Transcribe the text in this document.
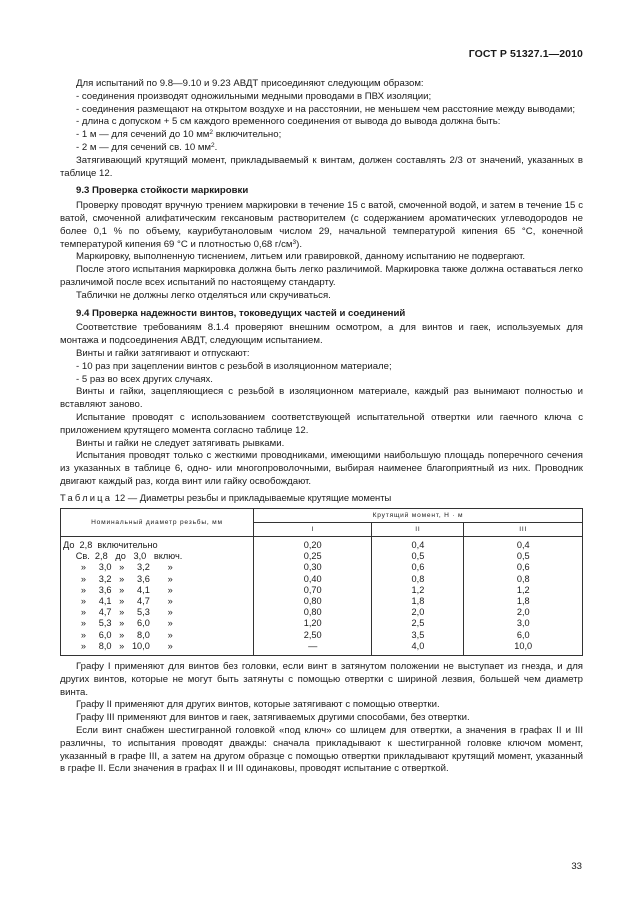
ГОСТ Р 51327.1—2010

Для испытаний по 9.8—9.10 и 9.23 АВДТ присоединяют следующим образом:

- соединения производят одножильными медными проводами в ПВХ изоляции;

- соединения размещают на открытом воздухе и на расстоянии, не меньшем чем расстояние между выводами;

- длина с допуском + 5 см каждого временного соединения от вывода до вывода должна быть:

- 1 м — для сечений до 10 $мм^2$ включительно;

- 2 м — для сечений св. 10 $мм^2$.

Затягивающий крутящий момент, прикладываемый к винтам, должен составлять 2/3 от значений, указанных в таблице 12.

9.3 Проверка стойкости маркировки

Проверку проводят вручную трением маркировки в течение 15 с ватой, смоченной водой, и затем в течение 15 с ватой, смоченной алифатическим гексановым растворителем (с содержанием ароматических углеводородов не более 0,1 % по объему, каурибутаноловым числом 29, начальной температурой кипения 65 °С, конечной температурой кипения 69 °С и плотностью 0,68 $г/см^3$).

Маркировку, выполненную тиснением, литьем или гравировкой, данному испытанию не подвергают.

После этого испытания маркировка должна быть легко различимой. Маркировка также должна оставаться легко различимой после всех испытаний по настоящему стандарту.

Таблички не должны легко отделяться или скручиваться.

9.4 Проверка надежности винтов, токоведущих частей и соединений

Соответствие требованиям 8.1.4 проверяют внешним осмотром, а для винтов и гаек, используемых для монтажа и подсоединения АВДТ, следующим испытанием.

Винты и гайки затягивают и отпускают:

- 10 раз при зацеплении винтов с резьбой в изоляционном материале;

- 5 раз во всех других случаях.

Винты и гайки, зацепляющиеся с резьбой в изоляционном материале, каждый раз вынимают полностью и вставляют заново.

Испытание проводят с использованием соответствующей испытательной отвертки или гаечного ключа с приложением крутящего момента согласно таблице 12.

Винты и гайки не следует затягивать рывками.

Испытания проводят только с жесткими проводниками, имеющими наибольшую площадь поперечного сечения из указанных в таблице 6, одно- или многопроволочными, выбирая наименее благоприятный из них. Проводник двигают каждый раз, когда винт или гайку освобождают.

Таблица 12 — Диаметры резьбы и прикладываемые крутящие моменты

Номинальный диаметр резьбы, мм	Крутящий момент, Н · м		
	I	II	III
До  2,8  включительно	0,20	0,4	0,4
Св.  2,8   до   3,0   включ.	0,25	0,5	0,5
»     3,0   »     3,2       »	0,30	0,6	0,6
»     3,2   »     3,6       »	0,40	0,8	0,8
»     3,6   »     4,1       »	0,70	1,2	1,2
»     4,1   »     4,7       »	0,80	1,8	1,8
»     4,7   »     5,3       »	0,80	2,0	2,0
»     5,3   »     6,0       »	1,20	2,5	3,0
»     6,0   »     8,0       »	2,50	3,5	6,0
»     8,0   »   10,0       »	—	4,0	10,0

Графу I применяют для винтов без головки, если винт в затянутом положении не выступает из гнезда, и для других винтов, которые не могут быть затянуты с помощью отвертки с шириной лезвия, большей чем диаметр винта.

Графу II применяют для других винтов, которые затягивают с помощью отвертки.

Графу III применяют для винтов и гаек, затягиваемых другими способами, без отвертки.

Если винт снабжен шестигранной головкой «под ключ» со шлицем для отвертки, а значения в графах II и III различны, то испытания проводят дважды: сначала прикладывают к шестигранной головке ключом момент, указанный в графе III, а затем на другом образце с помощью отвертки прикладывают крутящий момент, указанный в графе II. Если значения в графах II и III одинаковы, проводят испытание с отверткой.

33
